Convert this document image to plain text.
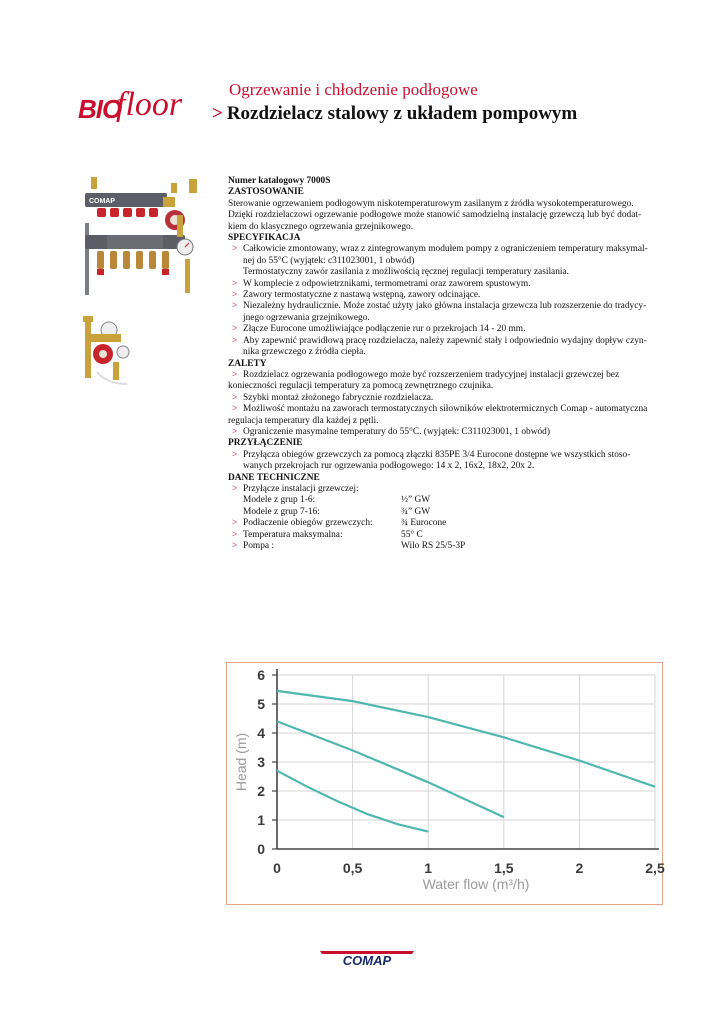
BIO
floor	Ogrzewanie i chłodzenie podłogowe
> Rozdzielacz stalowy z układem pompowym
COMAP

Numer katalogowy 7000S

ZASTOSOWANIE

Sterowanie ogrzewaniem podłogowym niskotemperaturowym zasilanym z źródła wysokotemperaturowego.

Dzięki rozdzielaczowi ogrzewanie podłogowe może stanowić samodzielną instalację grzewczą lub być dodat-

kiem do klasycznego ogrzewania grzejnikowego.

SPECYFIKACJA

> Całkowicie zmontowany, wraz z zintegrowanym modułem pompy z ograniczeniem temperatury maksymal-

nej do 55°C (wyjątek: c311023001, 1 obwód)

Termostatyczny zawór zasilania z możliwością ręcznej regulacji temperatury zasilania.

> W komplecie z odpowietrznikami, termometrami oraz zaworem spustowym.
> Zawory termostatyczne z nastawą wstępną, zawory odcinające.
> Niezależny hydraulicznie. Może zostać użyty jako główna instalacja grzewcza lub rozszerzenie do tradycy-

jnego ogrzewania grzejnikowego.

> Złącze Eurocone umożliwiające podłączenie rur o przekrojach 14 - 20 mm.
> Aby zapewnić prawidłową pracę rozdzielacza, należy zapewnić stały i odpowiednio wydajny dopływ czyn-

nika grzewczego z źródła ciepła.

ZALETY

> Rozdzielacz ogrzewania podłogowego może być rozszerzeniem tradycyjnej instalacji grzewczej bez

konieczności regulacji temperatury za pomocą zewnętrznego czujnika.

> Szybki montaż złożonego fabrycznie rozdzielacza.
> Możliwość montażu na zaworach termostatycznych siłowników elektrotermicznych Comap - automatyczna

regulacja temperatury dla każdej z pętli.

> Ograniczenie masymalne temperatury do 55°C. (wyjątek: C311023001, 1 obwód)

PRZYŁĄCZENIE

> Przyłącza obiegów grzewczych za pomocą złączki 835PE 3/4 Eurocone dostępne we wszystkich stoso-

wanych przekrojach rur ogrzewania podłogowego: 14 x 2, 16x2, 18x2, 20x 2.

DANE TECHNICZNE

> Przyłącze instalacji grzewczej:
Modele z grup 1-6:	½” GW
Modele z grup 7-16:	¾” GW
> Podłaczenie obiegów grzewczych:	¾ Eurocone
> Temperatura maksymalna:	55° C
> Pompa :	Wilo RS 25/5-3P
0	0,5	1	1,5	2	2,5
0
1
2
3
4
5
6
Water flow (m³/h)
Head (m)
COMAP
